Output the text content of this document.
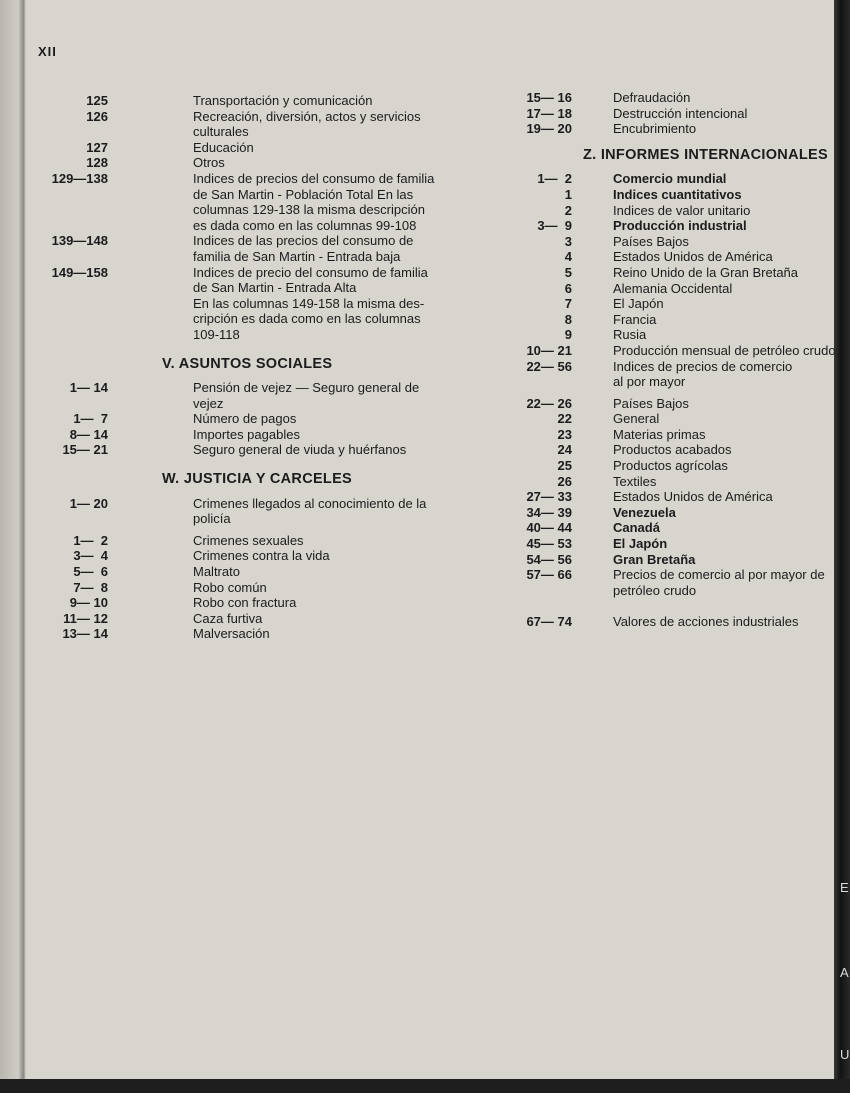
XII
125	Transportación y comunicación
126	Recreación, diversión, actos y servicios
culturales
127	Educación
128	Otros
129—138	Indices de precios del consumo de familia
de San Martin - Población Total En las
columnas 129-138 la misma descripción
es dada como en las columnas 99-108
139—148	Indices de las precios del consumo de
familia de San Martin - Entrada baja
149—158	Indices de precio del consumo de familia
de San Martin - Entrada Alta
En las columnas 149-158 la misma des-
cripción es dada como en las columnas
109-118
V. ASUNTOS SOCIALES
1— 14	Pensión de vejez — Seguro general de
vejez
1—  7	Número de pagos
8— 14	Importes pagables
15— 21	Seguro general de viuda y huérfanos
W. JUSTICIA Y CARCELES
1— 20	Crimenes llegados al conocimiento de la
policía
1—  2	Crimenes sexuales
3—  4	Crimenes contra la vida
5—  6	Maltrato
7—  8	Robo común
9— 10	Robo con fractura
11— 12	Caza furtiva
13— 14	Malversación
15— 16	Defraudación
17— 18	Destrucción intencional
19— 20	Encubrimiento
Z. INFORMES INTERNACIONALES
1—  2	Comercio mundial
1	Indices cuantitativos
2	Indices de valor unitario
3—  9	Producción industrial
3	Países Bajos
4	Estados Unidos de América
5	Reino Unido de la Gran Bretaña
6	Alemania Occidental
7	El Japón
8	Francia
9	Rusia
10— 21	Producción mensual de petróleo crudo
22— 56	Indices de precios de comercio
al por mayor
22— 26	Países Bajos
22	General
23	Materias primas
24	Productos acabados
25	Productos agrícolas
26	Textiles
27— 33	Estados Unidos de América
34— 39	Venezuela
40— 44	Canadá
45— 53	El Japón
54— 56	Gran Bretaña
57— 66	Precios de comercio al por mayor de
petróleo crudo
67— 74	Valores de acciones industriales
E
A
U
